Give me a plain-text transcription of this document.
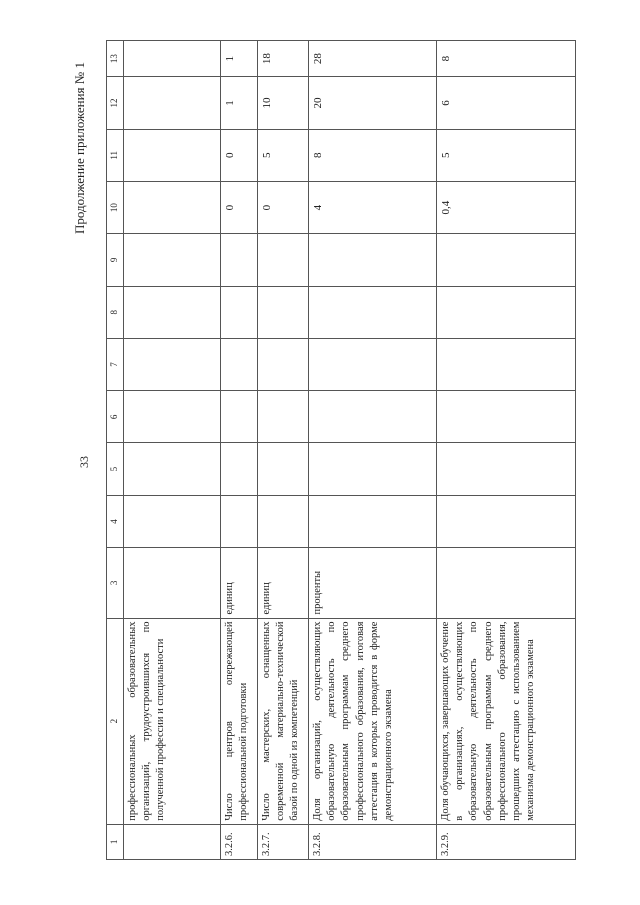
Продолжение приложения № 1
33
1	2	3	4	5	6	7	8	9	10	11	12	13
	профессиональных образовательных организаций, трудоустроившихся по полученной профессии и специальности											
3.2.6.	Число центров опережающей профессиональной подготовки	единиц							0	0	1	1
3.2.7.	Число мастерских, оснащенных современной материально-технической базой по одной из компетенций	единиц							0	5	10	18
3.2.8.	Доля организаций, осуществляющих образовательную деятельность по образовательным программам среднего профессионального образования, итоговая аттестация в которых проводится в форме демонстрационного экзамена	проценты							4	8	20	28
3.2.9.	Доля обучающихся, завершающих обучение в организациях, осуществляющих образовательную деятельность по образовательным программам среднего профессионального образования, прошедших аттестацию с использованием механизма демонстрационного экзамена								0,4	5	6	8
